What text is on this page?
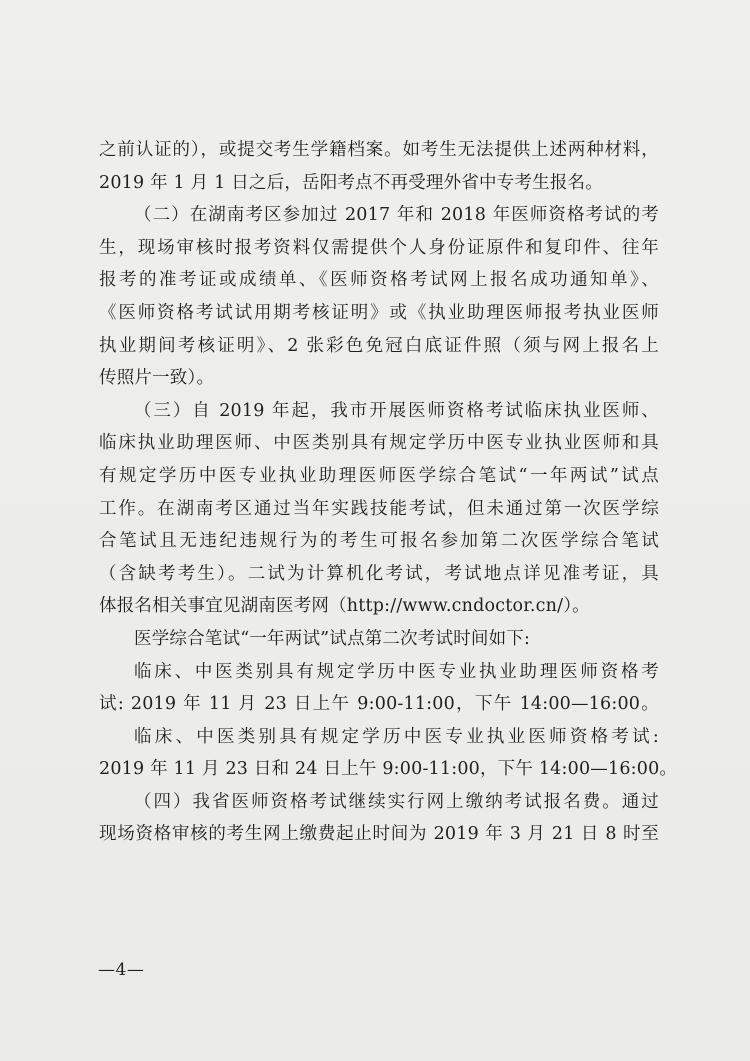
之前认证的），或提交考生学籍档案。如考生无法提供上述两种材料，
2019 年 1 月 1 日之后，岳阳考点不再受理外省中专考生报名。
（二）在湖南考区参加过 2017 年和 2018 年医师资格考试的考
生，现场审核时报考资料仅需提供个人身份证原件和复印件、往年
报考的准考证或成绩单、《医师资格考试网上报名成功通知单》、
《医师资格考试试用期考核证明》或《执业助理医师报考执业医师
执业期间考核证明》、2 张彩色免冠白底证件照（须与网上报名上
传照片一致）。
（三）自 2019 年起，我市开展医师资格考试临床执业医师、
临床执业助理医师、中医类别具有规定学历中医专业执业医师和具
有规定学历中医专业执业助理医师医学综合笔试“一年两试”试点
工作。在湖南考区通过当年实践技能考试，但未通过第一次医学综
合笔试且无违纪违规行为的考生可报名参加第二次医学综合笔试
（含缺考考生）。二试为计算机化考试，考试地点详见准考证，具
体报名相关事宜见湖南医考网（http://www.cndoctor.cn/）。
医学综合笔试“一年两试”试点第二次考试时间如下:
临床、中医类别具有规定学历中医专业执业助理医师资格考
试: 2019 年 11 月 23 日上午 9:00-11:00，下午 14:00—16:00。
临床、中医类别具有规定学历中医专业执业医师资格考试:
2019 年 11 月 23 日和 24 日上午 9:00-11:00，下午 14:00—16:00。
（四）我省医师资格考试继续实行网上缴纳考试报名费。通过
现场资格审核的考生网上缴费起止时间为 2019 年 3 月 21 日 8 时至
—4—
